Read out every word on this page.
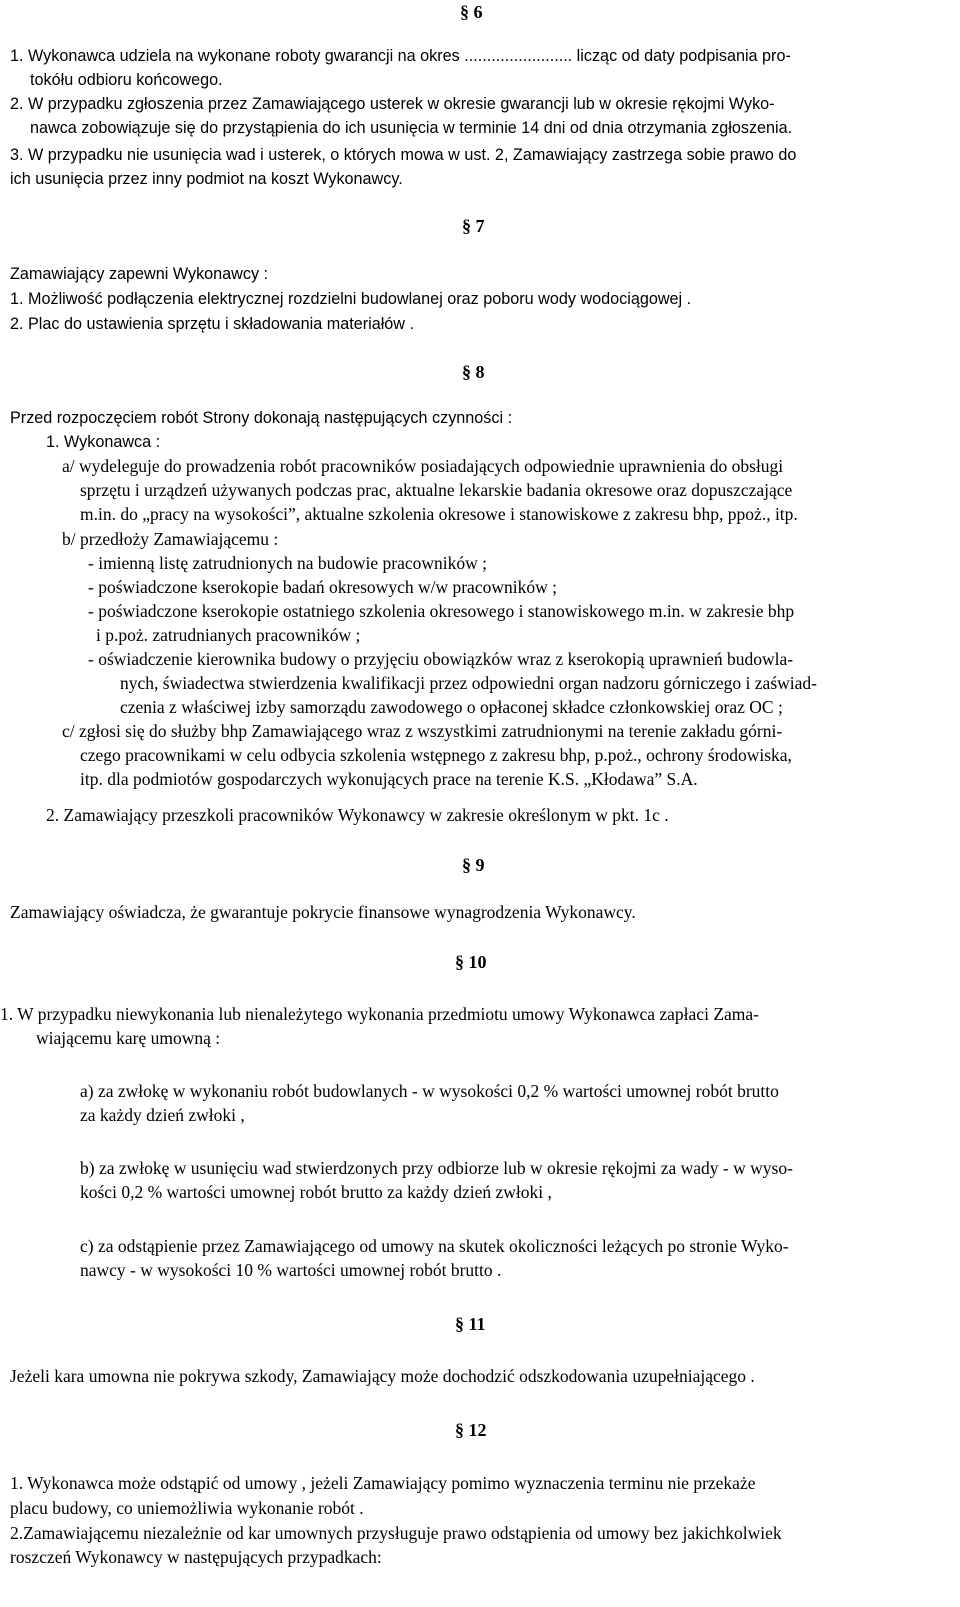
§ 6
1. Wykonawca udziela na wykonane roboty gwarancji na okres ........................ licząc od daty podpisania pro-
tokółu odbioru końcowego.
2. W przypadku zgłoszenia przez Zamawiającego usterek w okresie gwarancji lub w okresie rękojmi Wyko-
nawca zobowiązuje się do przystąpienia do ich usunięcia w terminie 14 dni od dnia otrzymania zgłoszenia.
3. W przypadku nie usunięcia wad i usterek, o których mowa w ust. 2, Zamawiający zastrzega sobie prawo do
ich usunięcia przez inny podmiot na koszt Wykonawcy.
§ 7
Zamawiający zapewni Wykonawcy :
1. Możliwość podłączenia elektrycznej rozdzielni budowlanej oraz poboru wody wodociągowej .
2. Plac do ustawienia sprzętu i składowania materiałów .
§ 8
Przed rozpoczęciem robót Strony dokonają następujących czynności :
1. Wykonawca :
a/ wydeleguje do prowadzenia robót pracowników posiadających odpowiednie uprawnienia do obsługi
sprzętu i urządzeń używanych podczas prac, aktualne lekarskie badania okresowe oraz dopuszczające
m.in. do „pracy na wysokości”, aktualne szkolenia okresowe i stanowiskowe z zakresu bhp, ppoż., itp.
b/ przedłoży Zamawiającemu :
- imienną listę zatrudnionych na budowie pracowników ;
- poświadczone kserokopie badań okresowych w/w pracowników ;
- poświadczone kserokopie ostatniego szkolenia okresowego i stanowiskowego m.in. w zakresie bhp
i p.poż. zatrudnianych pracowników ;
- oświadczenie kierownika budowy o przyjęciu obowiązków wraz z kserokopią uprawnień budowla-
nych, świadectwa stwierdzenia kwalifikacji przez odpowiedni organ nadzoru górniczego i zaświad-
czenia z właściwej izby samorządu zawodowego o opłaconej składce członkowskiej oraz OC ;
c/ zgłosi się do służby bhp Zamawiającego wraz z wszystkimi zatrudnionymi na terenie zakładu górni-
czego pracownikami w celu odbycia szkolenia wstępnego z zakresu bhp, p.poż., ochrony środowiska,
itp. dla podmiotów gospodarczych wykonujących prace na terenie K.S. „Kłodawa” S.A.
2. Zamawiający przeszkoli pracowników Wykonawcy w zakresie określonym w pkt. 1c .
§ 9
Zamawiający oświadcza, że gwarantuje pokrycie finansowe wynagrodzenia Wykonawcy.
§ 10
1. W przypadku niewykonania lub nienależytego wykonania przedmiotu umowy Wykonawca zapłaci Zama-
wiającemu karę umowną :
a) za zwłokę w wykonaniu robót budowlanych - w wysokości 0,2 % wartości umownej robót brutto
za każdy dzień zwłoki ,
b) za zwłokę w usunięciu wad stwierdzonych przy odbiorze lub w okresie rękojmi za wady - w wyso-
kości 0,2 % wartości umownej robót brutto za każdy dzień zwłoki ,
c) za odstąpienie przez Zamawiającego od umowy na skutek okoliczności leżących po stronie Wyko-
nawcy - w wysokości 10 % wartości umownej robót brutto .
§ 11
Jeżeli kara umowna nie pokrywa szkody, Zamawiający może dochodzić odszkodowania uzupełniającego .
§ 12
1. Wykonawca może odstąpić od umowy , jeżeli Zamawiający pomimo wyznaczenia terminu nie przekaże
placu budowy, co uniemożliwia wykonanie robót .
2.Zamawiającemu niezależnie od kar umownych przysługuje prawo odstąpienia od umowy bez jakichkolwiek
roszczeń Wykonawcy w następujących przypadkach:
